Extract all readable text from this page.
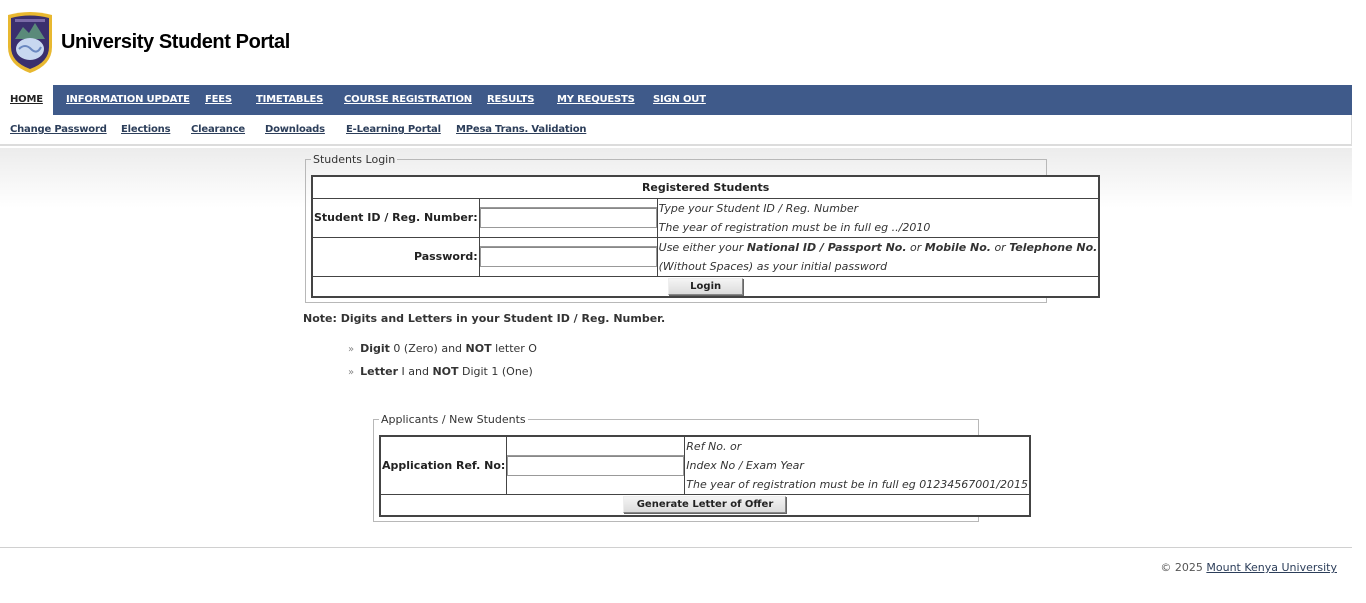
University Student Portal
HOME	INFORMATION UPDATE FEES TIMETABLES COURSE REGISTRATION RESULTS MY REQUESTS SIGN OUT
Change Password Elections Clearance Downloads E-Learning Portal MPesa Trans. Validation
Students Login
Registered Students		
Student ID / Reg. Number:		Type your Student ID / Reg. Number
The year of registration must be in full eg ../2010

Password:		Use either your National ID / Passport No. or Mobile No. or Telephone No.
(Without Spaces) as your initial password

Login		
Note: Digits and Letters in your Student ID / Reg. Number.
» Digit 0 (Zero) and NOT letter O
» Letter I and NOT Digit 1 (One)
Applicants / New Students
Application Ref. No:		
Ref No. or
Index No / Exam Year
The year of registration must be in full eg 01234567001/2015

Generate Letter of Offer
© 2025 Mount Kenya University
